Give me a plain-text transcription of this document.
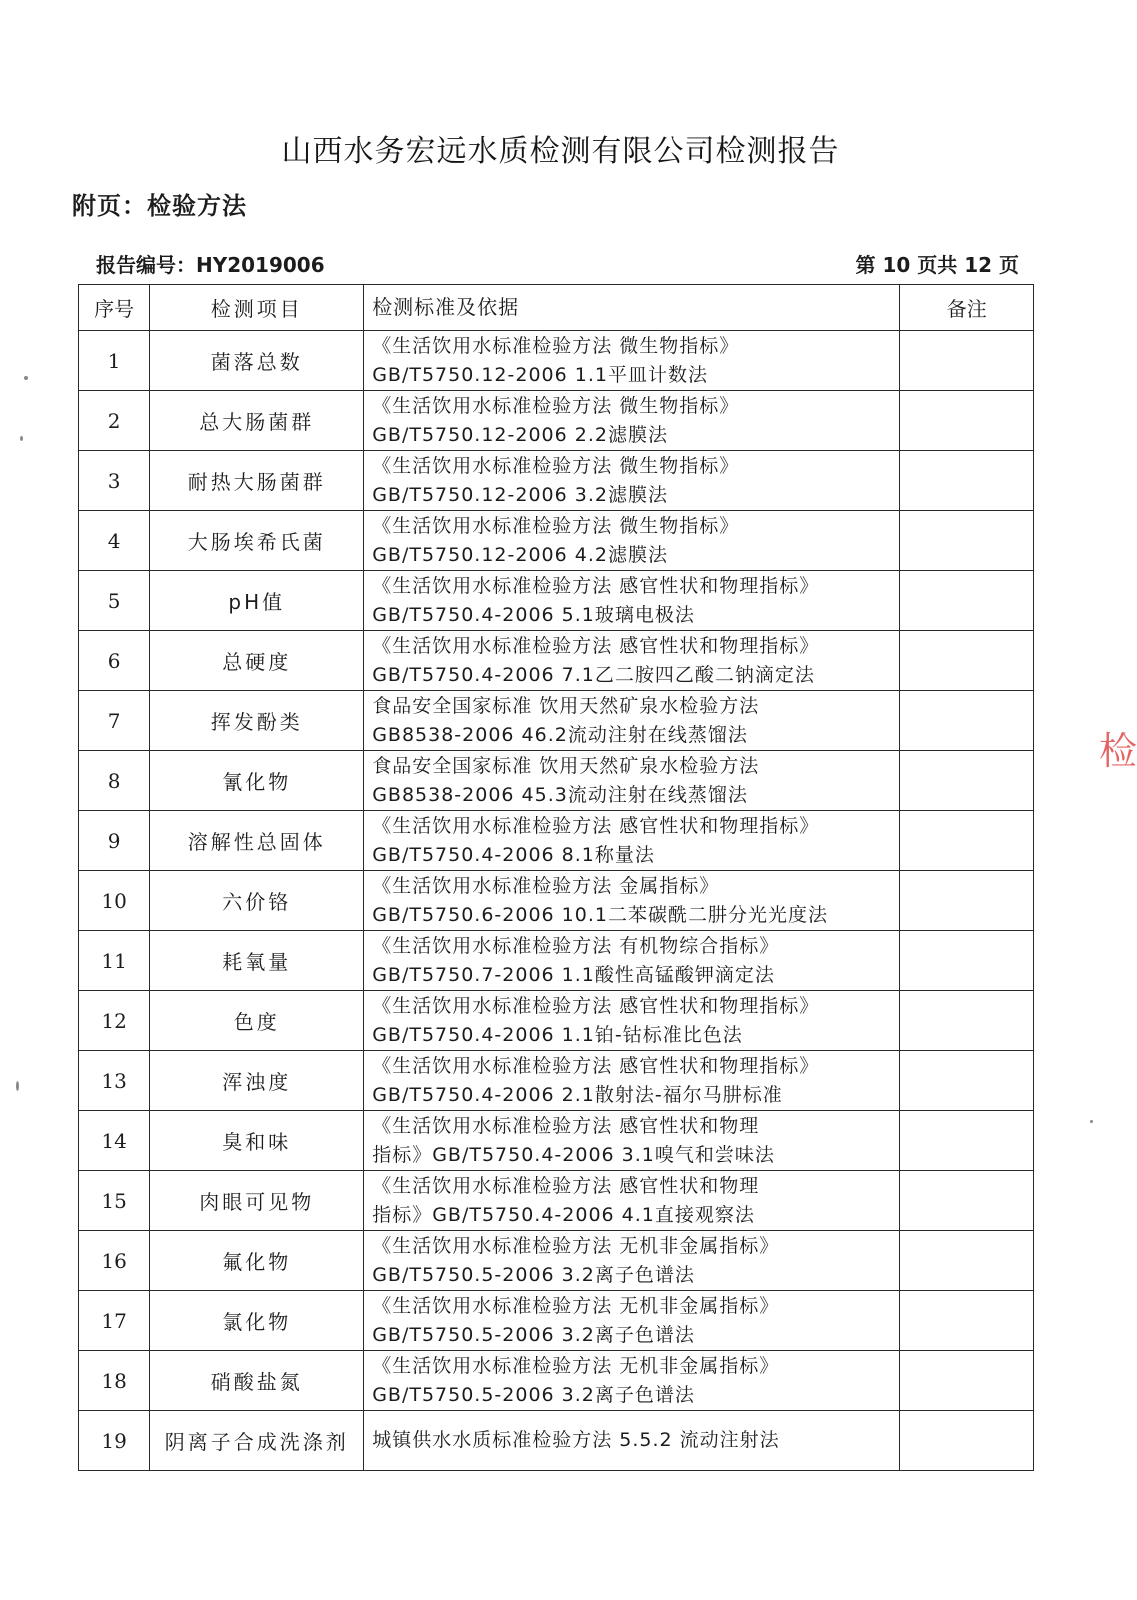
山西水务宏远水质检测有限公司检测报告
附页：检验方法
报告编号：HY2019006	第 10 页共 12 页
序号	检测项目	检测标准及依据	备注
1	菌落总数	《生活饮用水标准检验方法 微生物指标》
GB/T5750.12-2006 1.1平皿计数法	

2	总大肠菌群	《生活饮用水标准检验方法 微生物指标》
GB/T5750.12-2006 2.2滤膜法	

3	耐热大肠菌群	《生活饮用水标准检验方法 微生物指标》
GB/T5750.12-2006 3.2滤膜法	

4	大肠埃希氏菌	《生活饮用水标准检验方法 微生物指标》
GB/T5750.12-2006 4.2滤膜法	

5	pH值	《生活饮用水标准检验方法 感官性状和物理指标》
GB/T5750.4-2006 5.1玻璃电极法	

6	总硬度	《生活饮用水标准检验方法 感官性状和物理指标》
GB/T5750.4-2006 7.1乙二胺四乙酸二钠滴定法	

7	挥发酚类	食品安全国家标准 饮用天然矿泉水检验方法
GB8538-2006 46.2流动注射在线蒸馏法	

8	氰化物	食品安全国家标准 饮用天然矿泉水检验方法
GB8538-2006 45.3流动注射在线蒸馏法	

9	溶解性总固体	《生活饮用水标准检验方法 感官性状和物理指标》
GB/T5750.4-2006 8.1称量法	

10	六价铬	《生活饮用水标准检验方法 金属指标》
GB/T5750.6-2006 10.1二苯碳酰二肼分光光度法	

11	耗氧量	《生活饮用水标准检验方法 有机物综合指标》
GB/T5750.7-2006 1.1酸性高锰酸钾滴定法	

12	色度	《生活饮用水标准检验方法 感官性状和物理指标》
GB/T5750.4-2006 1.1铂-钴标准比色法	

13	浑浊度	《生活饮用水标准检验方法 感官性状和物理指标》
GB/T5750.4-2006 2.1散射法-福尔马肼标准	

14	臭和味	《生活饮用水标准检验方法 感官性状和物理
指标》GB/T5750.4-2006 3.1嗅气和尝味法	

15	肉眼可见物	《生活饮用水标准检验方法 感官性状和物理
指标》GB/T5750.4-2006 4.1直接观察法	

16	氟化物	《生活饮用水标准检验方法 无机非金属指标》
GB/T5750.5-2006 3.2离子色谱法	

17	氯化物	《生活饮用水标准检验方法 无机非金属指标》
GB/T5750.5-2006 3.2离子色谱法	

18	硝酸盐氮	《生活饮用水标准检验方法 无机非金属指标》
GB/T5750.5-2006 3.2离子色谱法	

19	阴离子合成洗涤剂	城镇供水水质标准检验方法 5.5.2 流动注射法	

检
